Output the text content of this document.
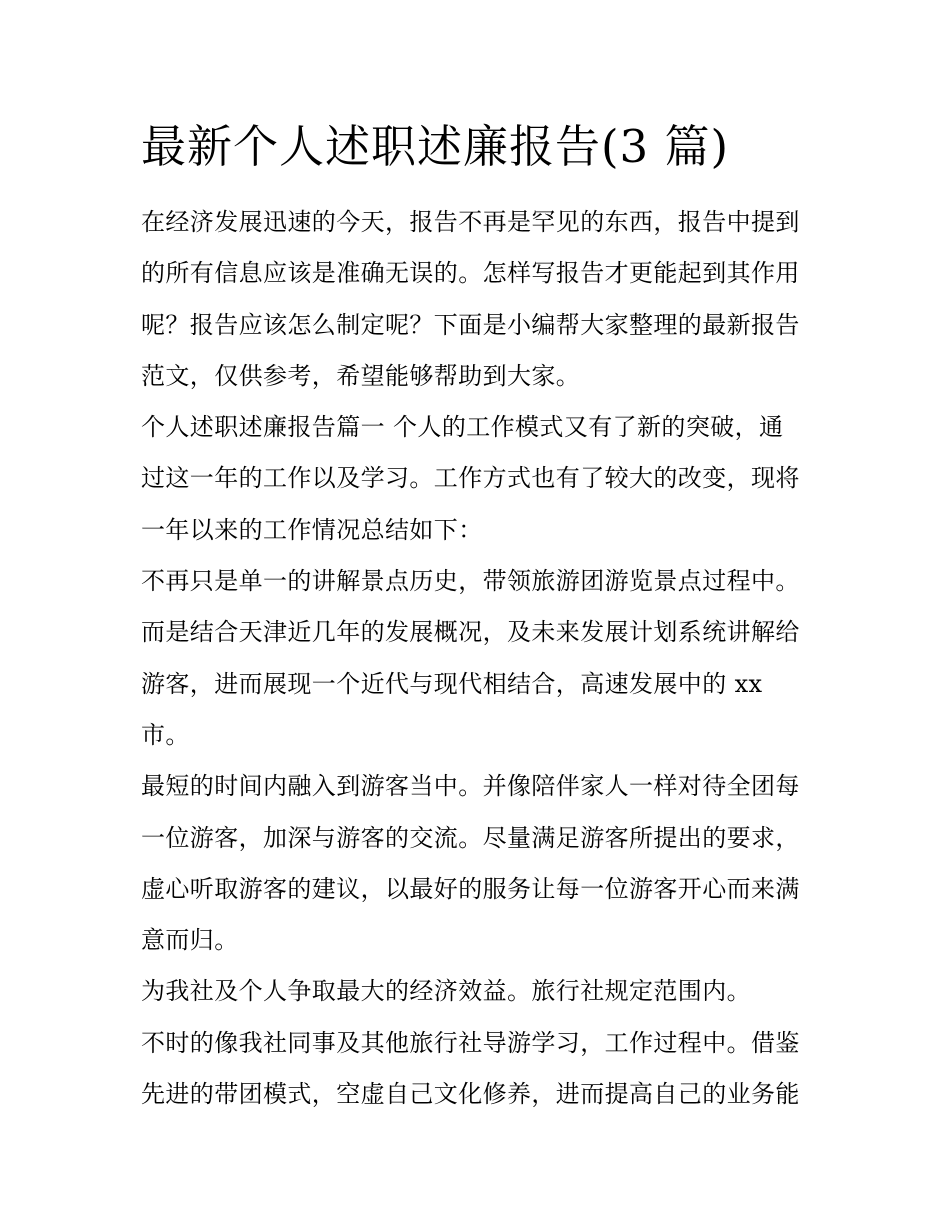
最新个人述职述廉报告(3 篇)

在经济发展迅速的今天，报告不再是罕见的东西，报告中提到

的所有信息应该是准确无误的。怎样写报告才更能起到其作用

呢？报告应该怎么制定呢？下面是小编帮大家整理的最新报告

范文，仅供参考，希望能够帮助到大家。

个人述职述廉报告篇一 个人的工作模式又有了新的突破，通

过这一年的工作以及学习。工作方式也有了较大的改变，现将

一年以来的工作情况总结如下：

不再只是单一的讲解景点历史，带领旅游团游览景点过程中。

而是结合天津近几年的发展概况，及未来发展计划系统讲解给

游客，进而展现一个近代与现代相结合，高速发展中的 xx

市。

最短的时间内融入到游客当中。并像陪伴家人一样对待全团每

一位游客，加深与游客的交流。尽量满足游客所提出的要求，

虚心听取游客的建议，以最好的服务让每一位游客开心而来满

意而归。

为我社及个人争取最大的经济效益。旅行社规定范围内。

不时的像我社同事及其他旅行社导游学习，工作过程中。借鉴

先进的带团模式，空虚自己文化修养，进而提高自己的业务能
